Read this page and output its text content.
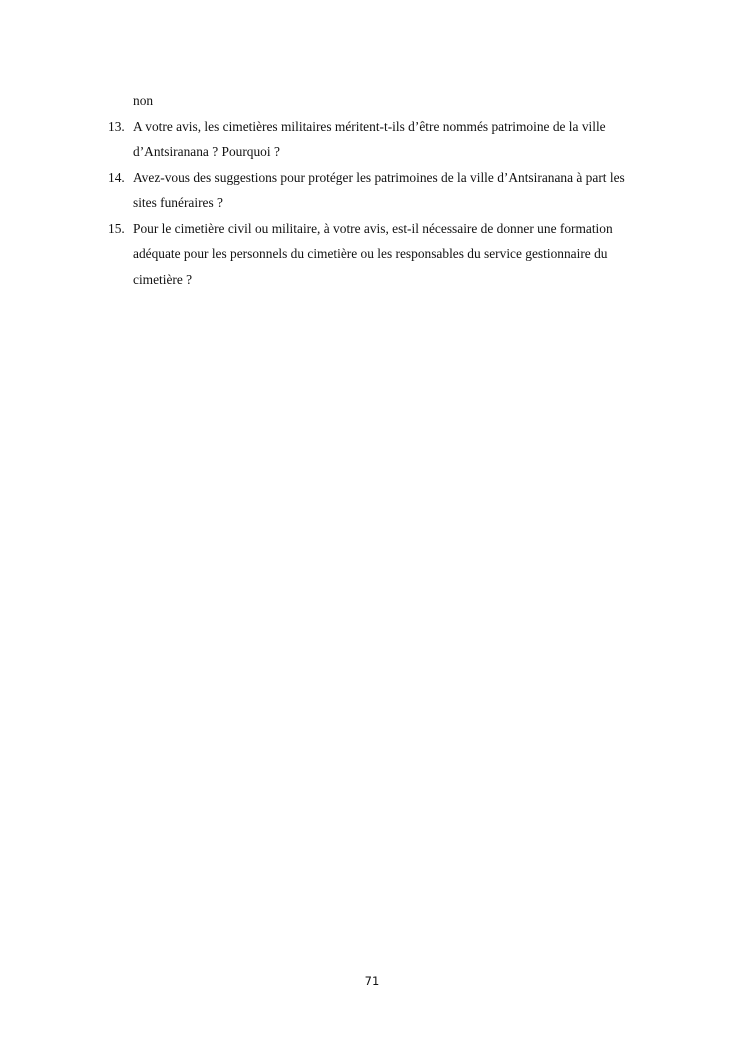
non
13. A votre avis, les cimetières militaires méritent-t-ils d’être nommés patrimoine de la ville d’Antsiranana ? Pourquoi ?
14. Avez-vous des suggestions pour protéger les patrimoines de la ville d’Antsiranana à part les sites funéraires ?
15. Pour le cimetière civil ou militaire, à votre avis, est-il nécessaire de donner une formation adéquate pour les personnels du cimetière ou les responsables du service gestionnaire du cimetière ?
71
